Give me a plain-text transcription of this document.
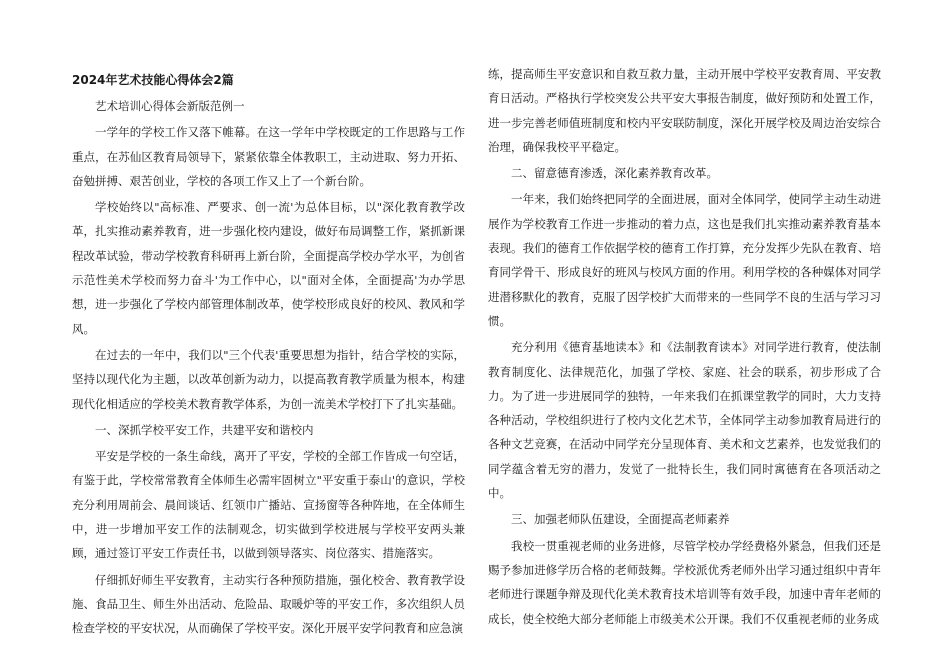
2024年艺术技能心得体会2篇

艺术培训心得体会新版范例一

一学年的学校工作又落下帷幕。在这一学年中学校既定的工作思路与工作重点，在苏仙区教育局领导下，紧紧依靠全体教职工，主动进取、努力开拓、奋勉拼搏、艰苦创业，学校的各项工作又上了一个新台阶。

学校始终以"高标准、严要求、创一流'为总体目标，以"深化教育教学改革，扎实推动素养教育，进一步强化校内建设，做好布局调整工作，紧抓新课程改革试验，带动学校教育科研再上新台阶，全面提高学校办学水平，为创省示范性美术学校而努力奋斗'为工作中心，以"面对全体，全面提高'为办学思想，进一步强化了学校内部管理体制改革，使学校形成良好的校风、教风和学风。

在过去的一年中，我们以"三个代表'重要思想为指针，结合学校的实际，坚持以现代化为主题，以改革创新为动力，以提高教育教学质量为根本，构建现代化相适应的学校美术教育教学体系，为创一流美术学校打下了扎实基础。

一、深抓学校平安工作，共建平安和谐校内

平安是学校的一条生命线，离开了平安，学校的全部工作皆成一句空话，有鉴于此，学校常常教育全体师生必需牢固树立"平安重于泰山'的意识，学校充分利用周前会、晨间谈话、红领巾广播站、宣扬窗等各种阵地，在全体师生中，进一步增加平安工作的法制观念，切实做到学校进展与学校平安两头兼顾，通过签订平安工作责任书，以做到领导落实、岗位落实、措施落实。

仔细抓好师生平安教育，主动实行各种预防措施，强化校舍、教育教学设施、食品卫生、师生外出活动、危险品、取暖炉等的平安工作，多次组织人员检查学校的平安状况，从而确保了学校平安。深化开展平安学问教育和应急演

练，提高师生平安意识和自救互救力量，主动开展中学校平安教育周、平安教育日活动。严格执行学校突发公共平安大事报告制度，做好预防和处置工作，进一步完善老师值班制度和校内平安联防制度，深化开展学校及周边治安综合治理，确保我校平平稳定。

二、留意德育渗透，深化素养教育改革。

一年来，我们始终把同学的全面进展，面对全体同学，使同学主动生动进展作为学校教育工作进一步推动的着力点，这也是我们扎实推动素养教育基本表现。我们的德育工作依据学校的德育工作打算，充分发挥少先队在教育、培育同学骨干、形成良好的班风与校风方面的作用。利用学校的各种媒体对同学进潜移默化的教育，克服了因学校扩大而带来的一些同学不良的生活与学习习惯。

充分利用《德育基地读本》和《法制教育读本》对同学进行教育，使法制教育制度化、法律规范化，加强了学校、家庭、社会的联系，初步形成了合力。为了进一步进展同学的独特，一年来我们在抓课堂教学的同时，大力支持各种活动，学校组织进行了校内文化艺术节，全体同学主动参加教育局进行的各种文艺竞赛，在活动中同学充分呈现体育、美术和文艺素养，也发觉我们的同学蕴含着无穷的潜力，发觉了一批特长生，我们同时寓德育在各项活动之中。

三、加强老师队伍建设，全面提高老师素养

我校一贯重视老师的业务进修，尽管学校办学经费格外紧急，但我们还是赐予参加进修学历合格的老师鼓舞。学校派优秀老师外出学习通过组织中青年老师进行课题争辩及现代化美术教育技术培训等有效手段，加速中青年老师的成长，使全校绝大部分老师能上市级美术公开课。我们不仅重视老师的业务成
